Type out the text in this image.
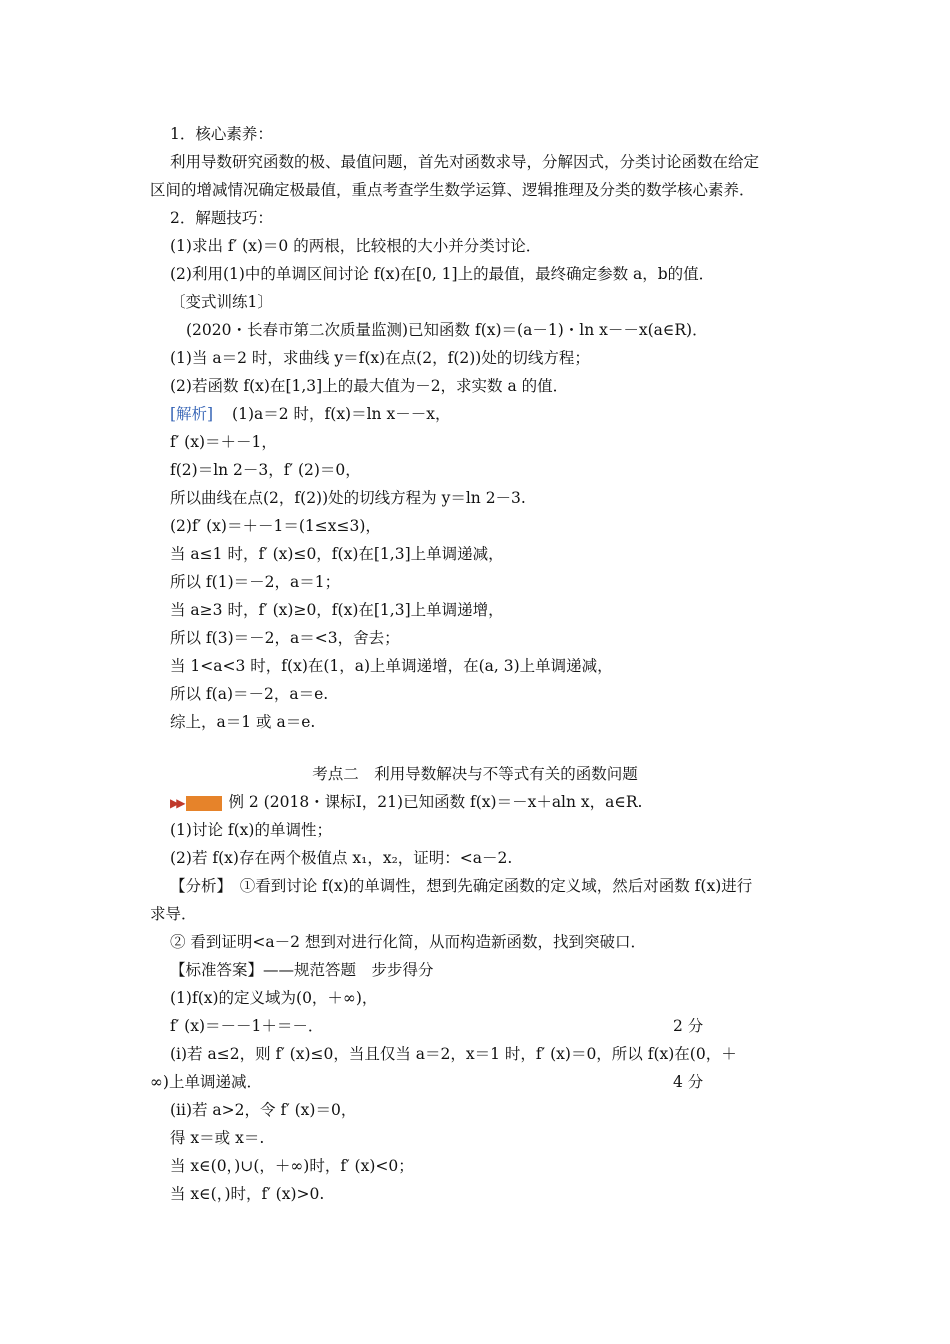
1．核心素养：
利用导数研究函数的极、最值问题，首先对函数求导，分解因式，分类讨论函数在给定
区间的增减情况确定极最值，重点考查学生数学运算、逻辑推理及分类的数学核心素养．
2．解题技巧：
(1)求出 f′ (x)＝0 的两根，比较根的大小并分类讨论．
(2)利用(1)中的单调区间讨论 f(x)在[0, 1]上的最值，最终确定参数 a，b的值．
〔变式训练1〕
(2020・长春市第二次质量监测)已知函数 f(x)＝(a－1)・ln x－－x(a∈R)．
(1)当 a＝2 时，求曲线 y＝f(x)在点(2，f(2))处的切线方程；
(2)若函数 f(x)在[1,3]上的最大值为－2，求实数 a 的值．
[解析] (1)a＝2 时，f(x)＝ln x－－x，
f′ (x)＝＋－1，
f(2)＝ln 2－3，f′ (2)＝0，
所以曲线在点(2，f(2))处的切线方程为 y＝ln 2－3.
(2)f′ (x)＝＋－1＝(1≤x≤3)，
当 a≤1 时，f′ (x)≤0，f(x)在[1,3]上单调递减，
所以 f(1)＝－2，a＝1；
当 a≥3 时，f′ (x)≥0，f(x)在[1,3]上单调递增，
所以 f(3)＝－2，a＝<3，舍去；
当 1<a<3 时，f(x)在(1，a)上单调递增，在(a, 3)上单调递减，
所以 f(a)＝－2，a＝e.
综上，a＝1 或 a＝e.
考点二　利用导数解决与不等式有关的函数问题
▶▶	例 2 (2018・课标Ⅰ，21)已知函数 f(x)＝－x＋aln x，a∈R.
(1)讨论 f(x)的单调性；
(2)若 f(x)存在两个极值点 x₁，x₂，证明：<a－2.
【分析】　①看到讨论 f(x)的单调性，想到先确定函数的定义域，然后对函数 f(x)进行
求导．
② 看到证明<a－2 想到对进行化简，从而构造新函数，找到突破口．
【标准答案】——规范答题　步步得分
(1)f(x)的定义域为(0，＋∞)，
f′ (x)＝－－1＋＝－．	2 分
(ⅰ)若 a≤2，则 f′ (x)≤0，当且仅当 a＝2，x＝1 时，f′ (x)＝0，所以 f(x)在(0，＋
∞)上单调递减．	4 分
(ⅱ)若 a>2，令 f′ (x)＝0，
得 x＝或 x＝.
当 x∈(0，)∪(，＋∞)时，f′ (x)<0；
当 x∈(，)时，f′ (x)>0.
